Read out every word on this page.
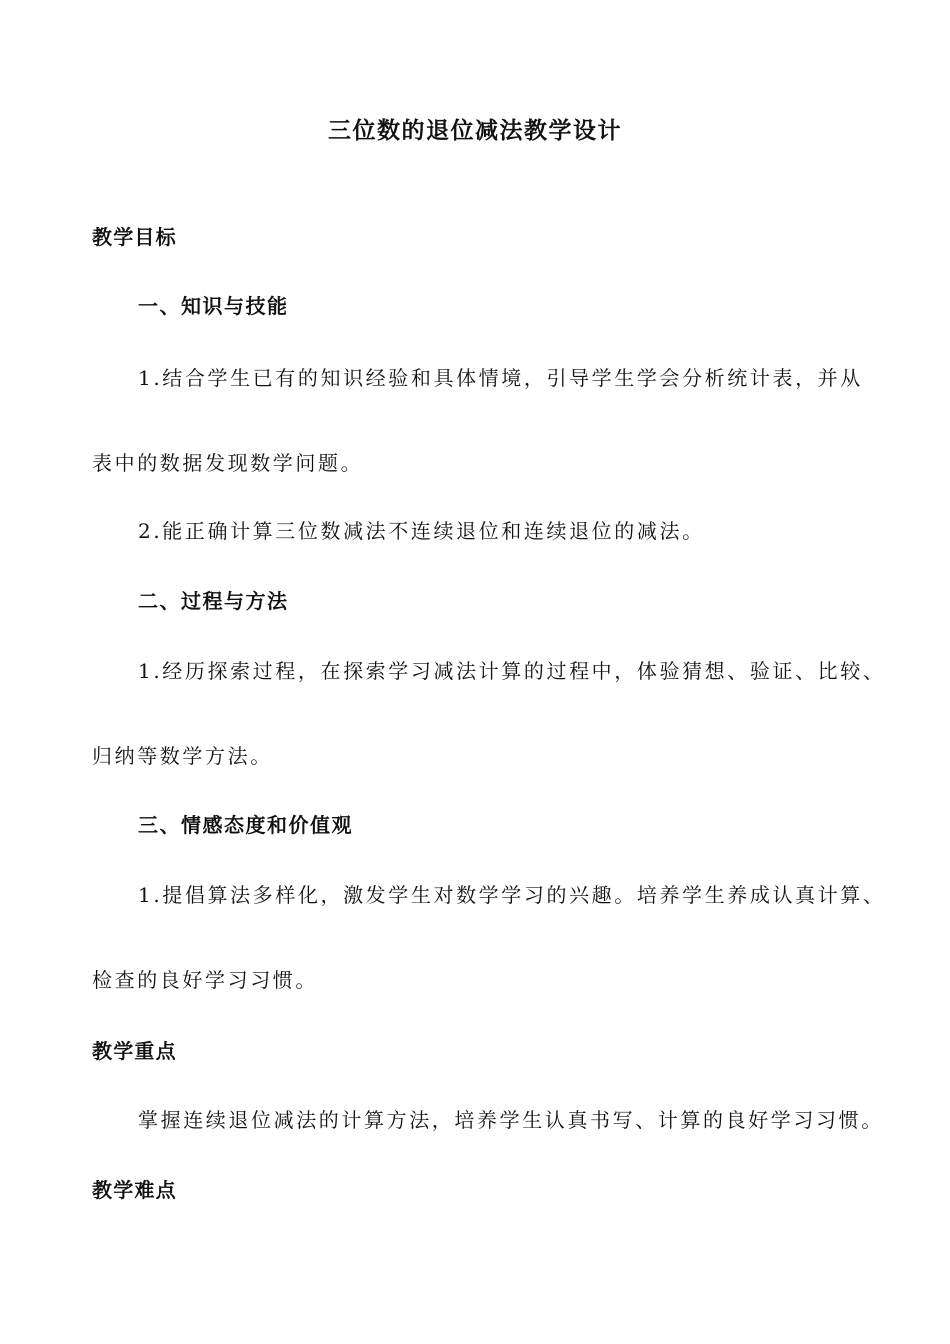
三位数的退位减法教学设计
教学目标
一、知识与技能
1.结合学生已有的知识经验和具体情境，引导学生学会分析统计表，并从
表中的数据发现数学问题。
2.能正确计算三位数减法不连续退位和连续退位的减法。
二、过程与方法
1.经历探索过程，在探索学习减法计算的过程中，体验猜想、验证、比较、
归纳等数学方法。
三、情感态度和价值观
1.提倡算法多样化，激发学生对数学学习的兴趣。培养学生养成认真计算、
检查的良好学习习惯。
教学重点
掌握连续退位减法的计算方法，培养学生认真书写、计算的良好学习习惯。
教学难点
